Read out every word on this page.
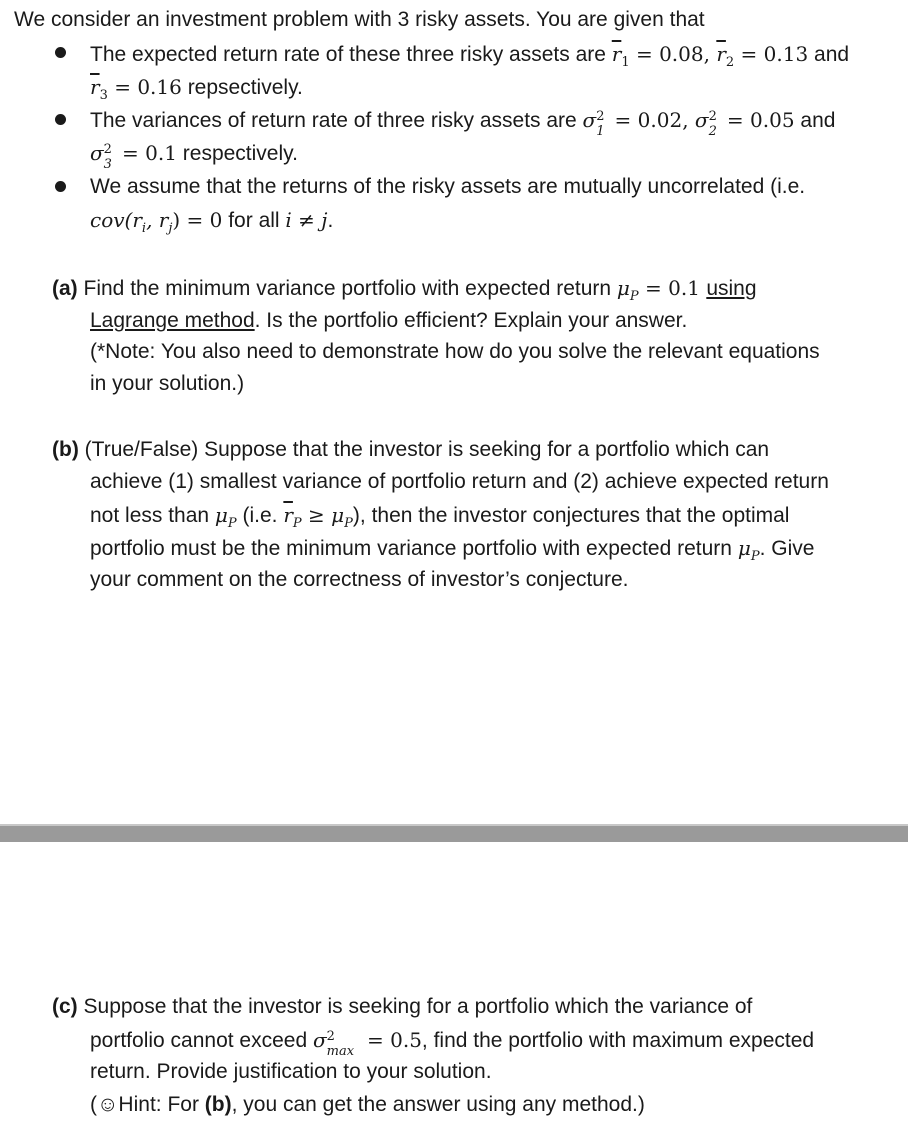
We consider an investment problem with 3 risky assets. You are given that
The expected return rate of these three risky assets are $\overline{r}_1 = 0.08$, $\overline{r}_2 = 0.13$ and
$\overline{r}_3 = 0.16$ repsectively.
The variances of return rate of three risky assets are σ 2
1 = 0.02, σ 2
2 = 0.05 and
σ 2
3 = 0.1 respectively.
We assume that the returns of the risky assets are mutually uncorrelated (i.e.
$cov(r_i$, $r_j) = 0$ for all i ≠ j.
(a) Find the minimum variance portfolio with expected return $\mu_P = 0.1$ using
Lagrange method. Is the portfolio efficient? Explain your answer.
(*Note: You also need to demonstrate how do you solve the relevant equations
in your solution.)
(b) (True/False) Suppose that the investor is seeking for a portfolio which can
achieve (1) smallest variance of portfolio return and (2) achieve expected return
not less than $\mu_P$ (i.e. $\overline{r}_P \ge \mu_P$), then the investor conjectures that the optimal
portfolio must be the minimum variance portfolio with expected return $\mu_P$. Give
your comment on the correctness of investor’s conjecture.
(c) Suppose that the investor is seeking for a portfolio which the variance of
portfolio cannot exceed σ 2
max = 0.5, find the portfolio with maximum expected
return. Provide justification to your solution.
(☺Hint: For (b), you can get the answer using any method.)
